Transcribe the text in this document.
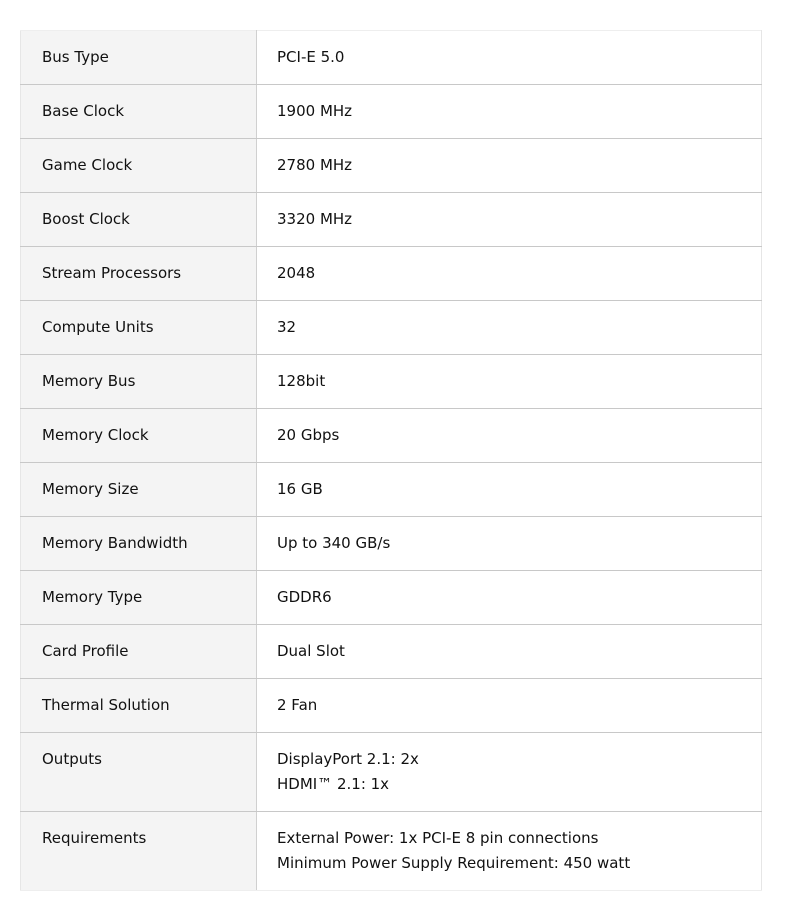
Bus Type	PCI-E 5.0

Base Clock	1900 MHz

Game Clock	2780 MHz

Boost Clock	3320 MHz

Stream Processors	2048

Compute Units	32

Memory Bus	128bit

Memory Clock	20 Gbps

Memory Size	16 GB

Memory Bandwidth	Up to 340 GB/s

Memory Type	GDDR6

Card Profile	Dual Slot

Thermal Solution	2 Fan

Outputs	DisplayPort 2.1: 2x
HDMI™ 2.1: 1x

Requirements	External Power: 1x PCI-E 8 pin connections
Minimum Power Supply Requirement: 450 watt
